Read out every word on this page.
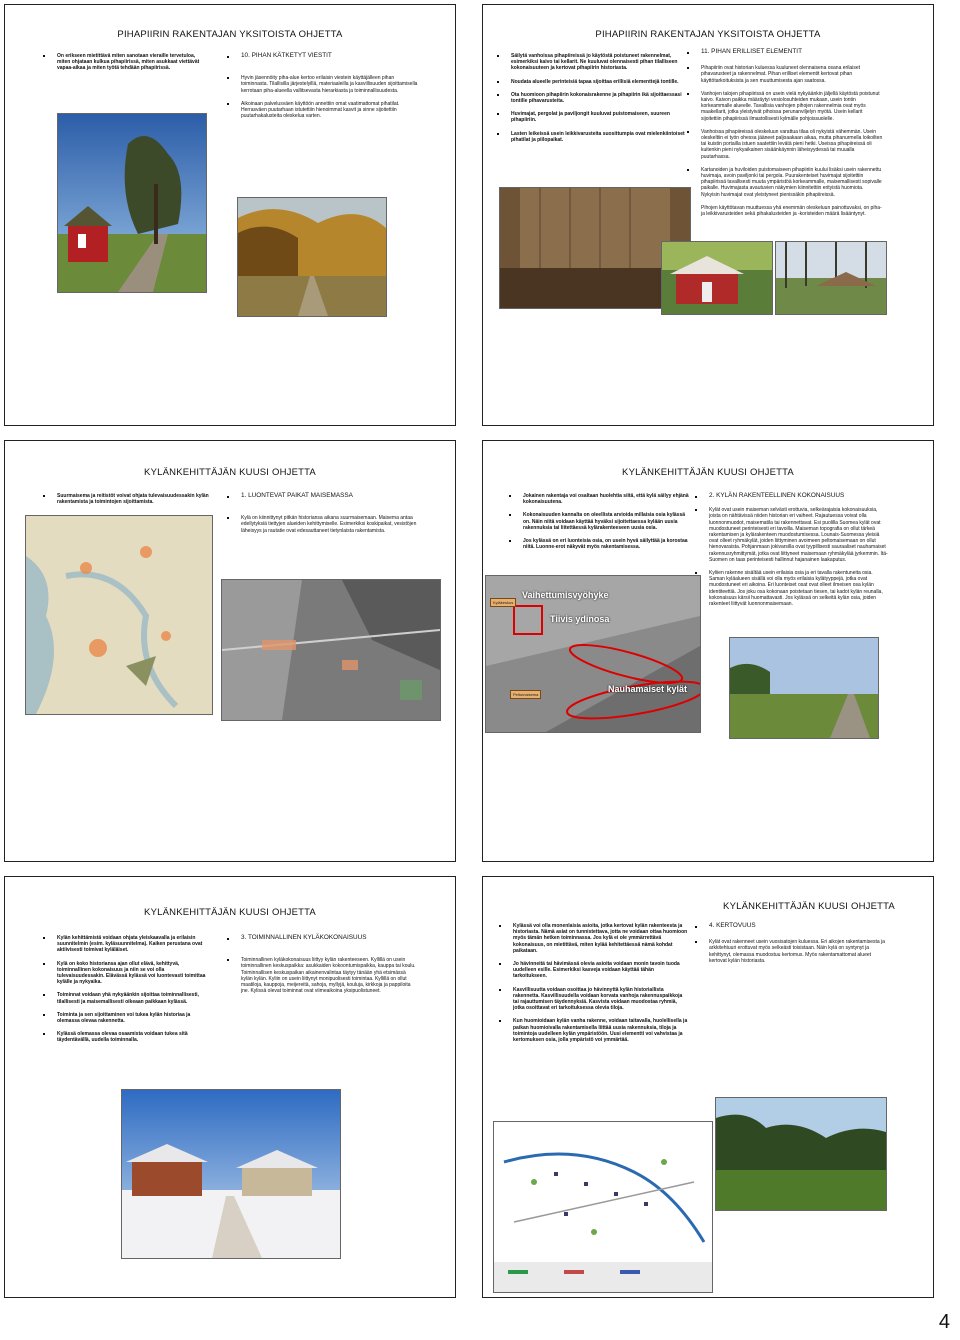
PIHAPIIRIN RAKENTAJAN YKSITOISTA OHJETTA

On erikseen mietittävä miten sanotaan vieraille tervetuloa, miten ohjataan kulkua pihapiirissä, miten asukkaat viettävät vapaa-aikaa ja miten työtä tehdään pihapiirissä.

10. PIHAN KÄTKETYT VIESTIT

Hyvin jäsennöity piha-alue kertoo erilaisin viestein käyttäjälleen pihan toiminnasta. Tilallisilla järjestelyillä, materiaaleilla ja kasvillisuuden sijoittamisella kerrotaan piha-alueella vallitsevasta hierarkiasta ja toiminnallisuudesta.

Aikoinaan palvelusväen käyttöön annettiin omat vaatimattomat pihatilat. Herrasväen puutarhaan istutettiin hienoimmat kasvit ja sinne sijoitettiin puutarhakalusteita oleskelua varten.

PIHAPIIRIN RAKENTAJAN YKSITOISTA OHJETTA

Säilytä vanhoissa pihapiireissä jo käytöstä poistuneet rakennelmat, esimerkiksi kaivo tai kellarit. Ne kuuluvat olennaisesti pihan tilalliseen kokonaisuuteen ja kertovat pihapiirin historiasta.

Noudata alueelle perinteisiä tapaa sijoittaa erillisiä elementtejä tontille.

Ota huomioon pihapiirin kokonaisrakenne ja pihapiirin ikä sijoittaessasi tontille pihavarusteita.

Huvimajat, pergolat ja paviljongit kuuluvat puistomaiseen, suureen pihapiiriin.

Lasten leikeissä usein leikkivarusteita suosittumpia ovat mielenkiintoiset pihatilat ja piilopaikat.

11. PIHAN ERILLISET ELEMENTIT

Pihapiiriin ovat historian kuluessa kuuluneet olennaisena osana erilaiset pihavarusteet ja rakennelmat. Pihan erilliset elementit kertovat pihan käyttötarkoituksista ja sen muuttumisesta ajan saatossa.

Vanhojen talojen pihapiirissä on usein vielä nykyäänkin jäljellä käytöstä poistunut kaivo. Kaivon paikka määräytyi vesiolosuhteiden mukaan, usein tontin korkeammalle alueelle. Tavallisia vanhojen pihojen rakennelmia ovat myös maakellarit, jotka yleistyivät pihoissa perunanviljelyn myötä. Usein kellarit sijoitettiin pihapiirissä ilmastollisesti kylmälle pohjoissuolelle.

Vanhoissa pihapiireissä oleskeluun varattua tilaa oli nykyistä vähemmän. Usein oleskeltiin ei työn ohessa jääneet paljoaakaan aikaa, mutta pihanurmella loikoilten tai kuistin portailla istuen saatettiin levätä pieni hetki. Useissa pihapiireissä oli kuitenkin pieni nykyaikainen sisäänkäynnin läheisyydessä tai muualla puutarhassa.

Kartanoiden ja huviloiden puistomaiseen pihapiiriin kuului lisäksi usein rakennettu huvimaja, avoin paviljonki tai pergola. Puurakenteiset huvimajat sijoitettiin pihapiirissä tavallisesti muuta ympäristöä korkeammalle, maisemallisesti sopivalle paikalle. Huvimajasta avautuvien näkymien kiinnitettiin erityistä huomiota. Nykyisin huvimajat ovat yleistyneet pienissäkin pihapiireissä.

Pihojen käyttötavan muuttuessa yhä enemmän oleskeluun painottuvaksi, on piha- ja leikkivarusteiden sekä pihakalusteiden ja -koristeiden määrä lisääntynyt.

KYLÄNKEHITTÄJÄN KUUSI OHJETTA

Suurmaisema ja reitistöt voivat ohjata tulevaisuudessakin kylän rakentamista ja toimintojen sijoittamista.

1. LUONTEVAT PAIKAT MAISEMASSA

Kylä on kiinnittynyt pitkän historiansa aikana suurmaisemaan. Maisema antaa edellytyksiä tiettyjen alueiden kehittymiselle. Esimerkiksi koskipaikat, vesistöjen läheisyys ja rautatie ovat edesauttaneet tietynlaista rakentamista.

KYLÄNKEHITTÄJÄN KUUSI OHJETTA

Jokainen rakentaja voi osaltaan huolehtia siitä, että kylä säilyy ehjänä kokonaisuutena.

Kokonaisuuden kannalta on oleellista arvioida millaisia osia kylässä on. Näin niitä voidaan käyttää hyväksi sijoitettaessa kylään uusia rakennuksia tai liitettäessä kylärakenteeseen uusia osia.

Jos kylässä on eri luonteisia osia, on usein hyvä säilyttää ja korostaa niitä. Luonne-erot näkyvät myös rakentamisessa.

2. KYLÄN RAKENTEELLINEN KOKONAISUUS

Kylät ovat usein maiseman selvästi erottuvia, selkeärajaisia kokonaisuuksia, joista on nähtävissä niiden historian eri vaiheet. Rajautuessa voivat olla luonnonmuodot, maisematila tai rakennettavat. Esi puolilla Suomea kylät ovat muodostuneet perinteisesti eri tavoilla. Maiseman topografia on ollut tärkeä rakentamisen ja kylärakenteen muodostumisessa. Lounais-Suomessa yleisiä ovat olleet ryhmäkylät, joiden liittyminen avoimeen peltomaisemaan on ollut hienovaraista. Pohjanmaan jokivarsilla ovat tyypillisesti sauraaliset nauhamaiset rakennusryhmittymät, jotka ovat liittyneet maisemaan ryhmäkylää jyrkemmin. Itä-Suomen on taas perinteisesti hallinnut hajanainen laakaputus.

Kyliien rakenne sisältää usein erilaisia osia ja eri tavalla rakentuneita osia. Saman kyläalueen sisällä voi olla myös erilaisia kylätyyppejä, jotka ovat muodostuneet eri aikoina. Eri luonteiset osat ovat olleet ilmeisen osa kylän identiteettiä. Jos joku osa kokonaan poistetaan tiesen, tai kadot kylän reunalla, kokonaisuus kärsii huomattavasti. Jos kylässä on selkeitä kylän osia, joiden rakenteet liittyvät luonnonmaisemaan.

Vaihettumisvyöhyke
Tiivis ydinosa
Nauhamaiset kylät
Kyläkeskus
Peltomaisema
KYLÄNKEHITTÄJÄN KUUSI OHJETTA

Kylän kehittämistä voidaan ohjata yleiskaavalla ja erilaisin suunnitelmin (esim. kyläsuunnitelma). Kaiken perustana ovat aktiivisesti toimivat kyläläiset.

Kylä on koko historiansa ajan ollut elävä, kehittyvä, toiminnallinen kokonaisuus ja niin se voi olla tulevaisuudessakin. Elävässä kylässä voi luontevasti toimittaa kylälle ja nykyaika.

Toiminnat voidaan yhä nykyäänkin sijoittaa toiminnallisesti, tilallisesti ja maisemallisesti oikeaan paikkaan kylässä.

Toiminta ja sen sijoittaminen voi tukea kylän historiaa ja olemassa olevaa rakennetta.

Kylässä olemassa olevaa osaamista voidaan tukea sitä täydentävällä, uudella toiminnalla.

3. TOIMINNALLINEN KYLÄKOKONAISUUS

Toiminnallinen kyläkokonaisuus liittyy kylän rakenteeseen. Kyllillä on usein toiminnallinen keskuspaikka: asukkaiden kokoontumispaikka, kauppa tai koulu. Toiminnallisen keskuspaikan aikainenvalintaa täytyy tänään yhä etsimässä kylän kylän. Kyliin on usein liittynyt monipuolisesti toimintaa. Kyllillä on ollut maatiloja, kauppoja, meijereitä, sahoja, myllyjä, kouluja, kirkkoja ja pappiloita jne. Kylissä olevat toiminnat ovat viimeaikoina yksipuolistuneet.

KYLÄNKEHITTÄJÄN KUUSI OHJETTA

Kylässä voi olla monenlaisia asioita, jotka kertovat kylän rakenteesta ja historiasta. Nämä asiat on tunnistettava, jotta ne voidaan ottaa huomioon myös tämän hetken toiminnassa. Jos kylä ei ole ymmärrettävä kokonaisuus, on mietittävä, miten kylää kehitettäessä nämä kohdat paikataan.

Jo hävinneitä tai hävimässä olevia asioita voidaan monin tavoin tuoda uudelleen esille. Esimerkiksi kasveja voidaan käyttää tähän tarkoitukseen.

Kasvillisuutta voidaan osoittaa jo hävinnyttä kylän historiallista rakennetta. Kasvillisuudella voidaan korvata vanhoja rakennuspaikkoja tai rajauttumisen täydennyksiä. Kasvista voidaan muodostaa ryhmiä, jotka osoittavat eri tarkoituksessa olevia tiloja.

Kun huomioidaan kylän vanha rakenne, voidaan taitavalla, huolellisella ja paikan huomioivalla rakentamisella liittää uusia rakennuksia, tiloja ja toimintoja uudelleen kylän ympäristöön. Uusi elementti voi vahvistaa ja kertomuksen osia, jolla ympäristö voi ymmärtää.

4. KERTOVUUS

Kylät ovat rakenneet usein vuosisatojen kuluessa. Eri aikojen rakentamisesta ja arkkitehtuuri erottuvat myös selkeästi toisistaan. Näin kylä on syntynyt ja kehittynyt, olemassa muodostuu kertomus. Myös rakentamattomat alueet kertovat kylän historiasta.

4
